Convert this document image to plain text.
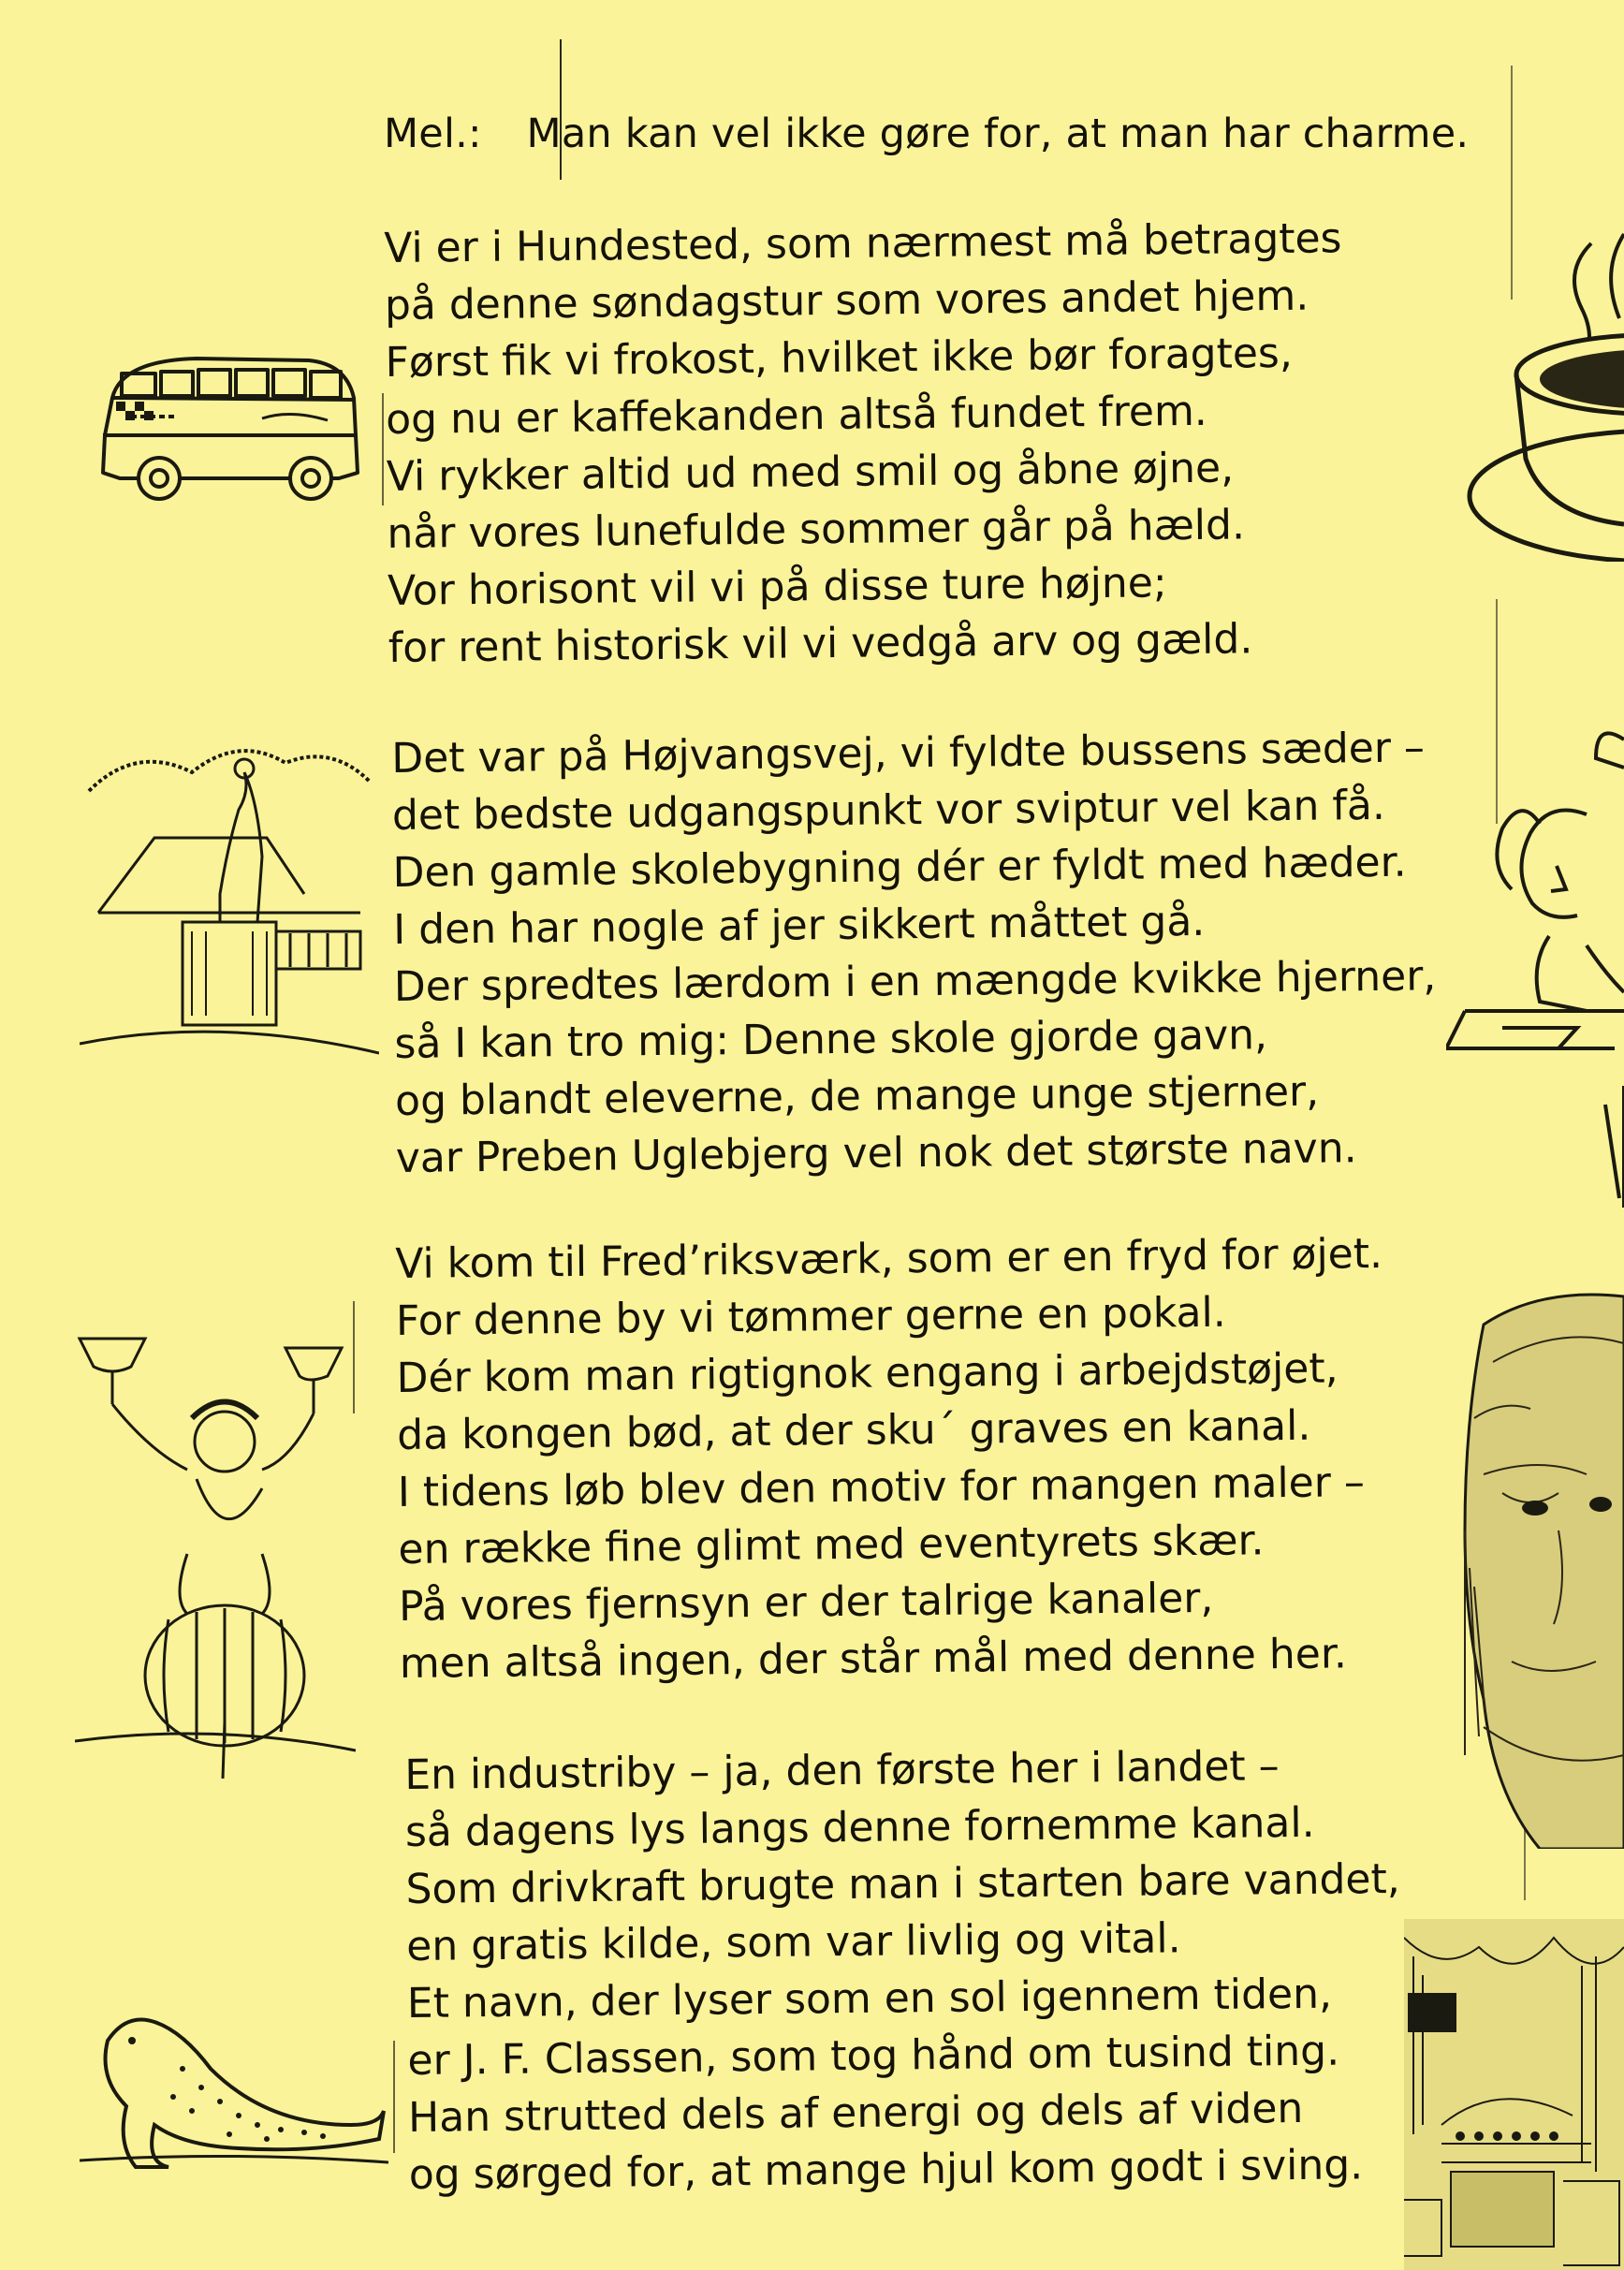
Mel.: Man kan vel ikke gøre for, at man har charme.
Vi er i Hundested, som nærmest må betragtes
på denne søndagstur som vores andet hjem.
Først fik vi frokost, hvilket ikke bør foragtes,
og nu er kaffekanden altså fundet frem.
Vi rykker altid ud med smil og åbne øjne,
når vores lunefulde sommer går på hæld.
Vor horisont vil vi på disse ture højne;
for rent historisk vil vi vedgå arv og gæld.
Det var på Højvangsvej, vi fyldte bussens sæder –
det bedste udgangspunkt vor sviptur vel kan få.
Den gamle skolebygning dér er fyldt med hæder.
I den har nogle af jer sikkert måttet gå.
Der spredtes lærdom i en mængde kvikke hjerner,
så I kan tro mig: Denne skole gjorde gavn,
og blandt eleverne, de mange unge stjerner,
var Preben Uglebjerg vel nok det største navn.
Vi kom til Fred’riksværk, som er en fryd for øjet.
For denne by vi tømmer gerne en pokal.
Dér kom man rigtignok engang i arbejdstøjet,
da kongen bød, at der sku´ graves en kanal.
I tidens løb blev den motiv for mangen maler –
en række fine glimt med eventyrets skær.
På vores fjernsyn er der talrige kanaler,
men altså ingen, der står mål med denne her.
En industriby – ja, den første her i landet –
så dagens lys langs denne fornemme kanal.
Som drivkraft brugte man i starten bare vandet,
en gratis kilde, som var livlig og vital.
Et navn, der lyser som en sol igennem tiden,
er J. F. Classen, som tog hånd om tusind ting.
Han strutted dels af energi og dels af viden
og sørged for, at mange hjul kom godt i sving.
